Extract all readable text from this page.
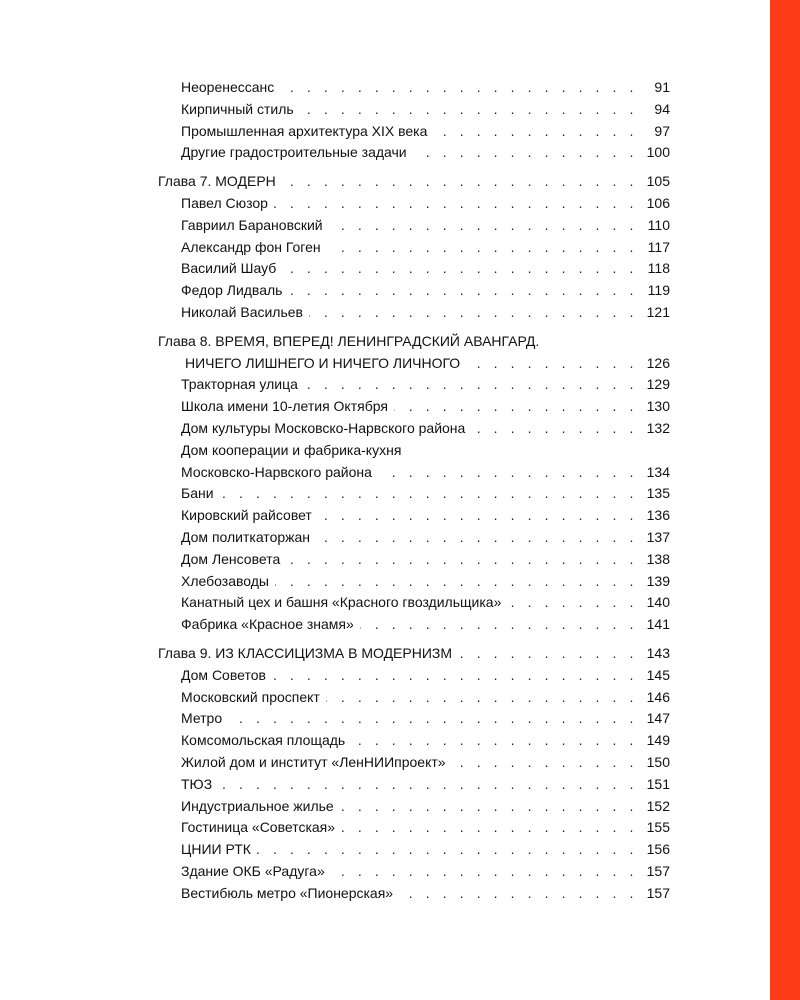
Неоренессанс . . .	91
Кирпичный стиль . . .	94
Промышленная архитектура XIX века . . .	97
Другие градостроительные задачи . . .	100
Глава 7. МОДЕРН . . .	105
Павел Сюзор . . .	106
Гавриил Барановский . . .	110
Александр фон Гоген . . .	117
Василий Шауб . . .	118
Федор Лидваль . . .	119
Николай Васильев . . .	121
Глава 8. ВРЕМЯ, ВПЕРЕД! ЛЕНИНГРАДСКИЙ АВАНГАРД.
НИЧЕГО ЛИШНЕГО И НИЧЕГО ЛИЧНОГО . . .	126
Тракторная улица . . .	129
Школа имени 10-летия Октября . . .	130
Дом культуры Московско-Нарвского района . . .	132
Дом кооперации и фабрика-кухня
Московско-Нарвского района . . .	134
Бани . . .	135
Кировский райсовет . . .	136
Дом политкаторжан . . .	137
Дом Ленсовета . . .	138
Хлебозаводы . . .	139
Канатный цех и башня «Красного гвоздильщика» . . .	140
Фабрика «Красное знамя» . . .	141
Глава 9. ИЗ КЛАССИЦИЗМА В МОДЕРНИЗМ . . .	143
Дом Советов . . .	145
Московский проспект . . .	146
Метро . . .	147
Комсомольская площадь . . .	149
Жилой дом и институт «ЛенНИИпроект» . . .	150
ТЮЗ . . .	151
Индустриальное жилье . . .	152
Гостиница «Советская» . . .	155
ЦНИИ РТК . . .	156
Здание ОКБ «Радуга» . . .	157
Вестибюль метро «Пионерская» . . .	157
